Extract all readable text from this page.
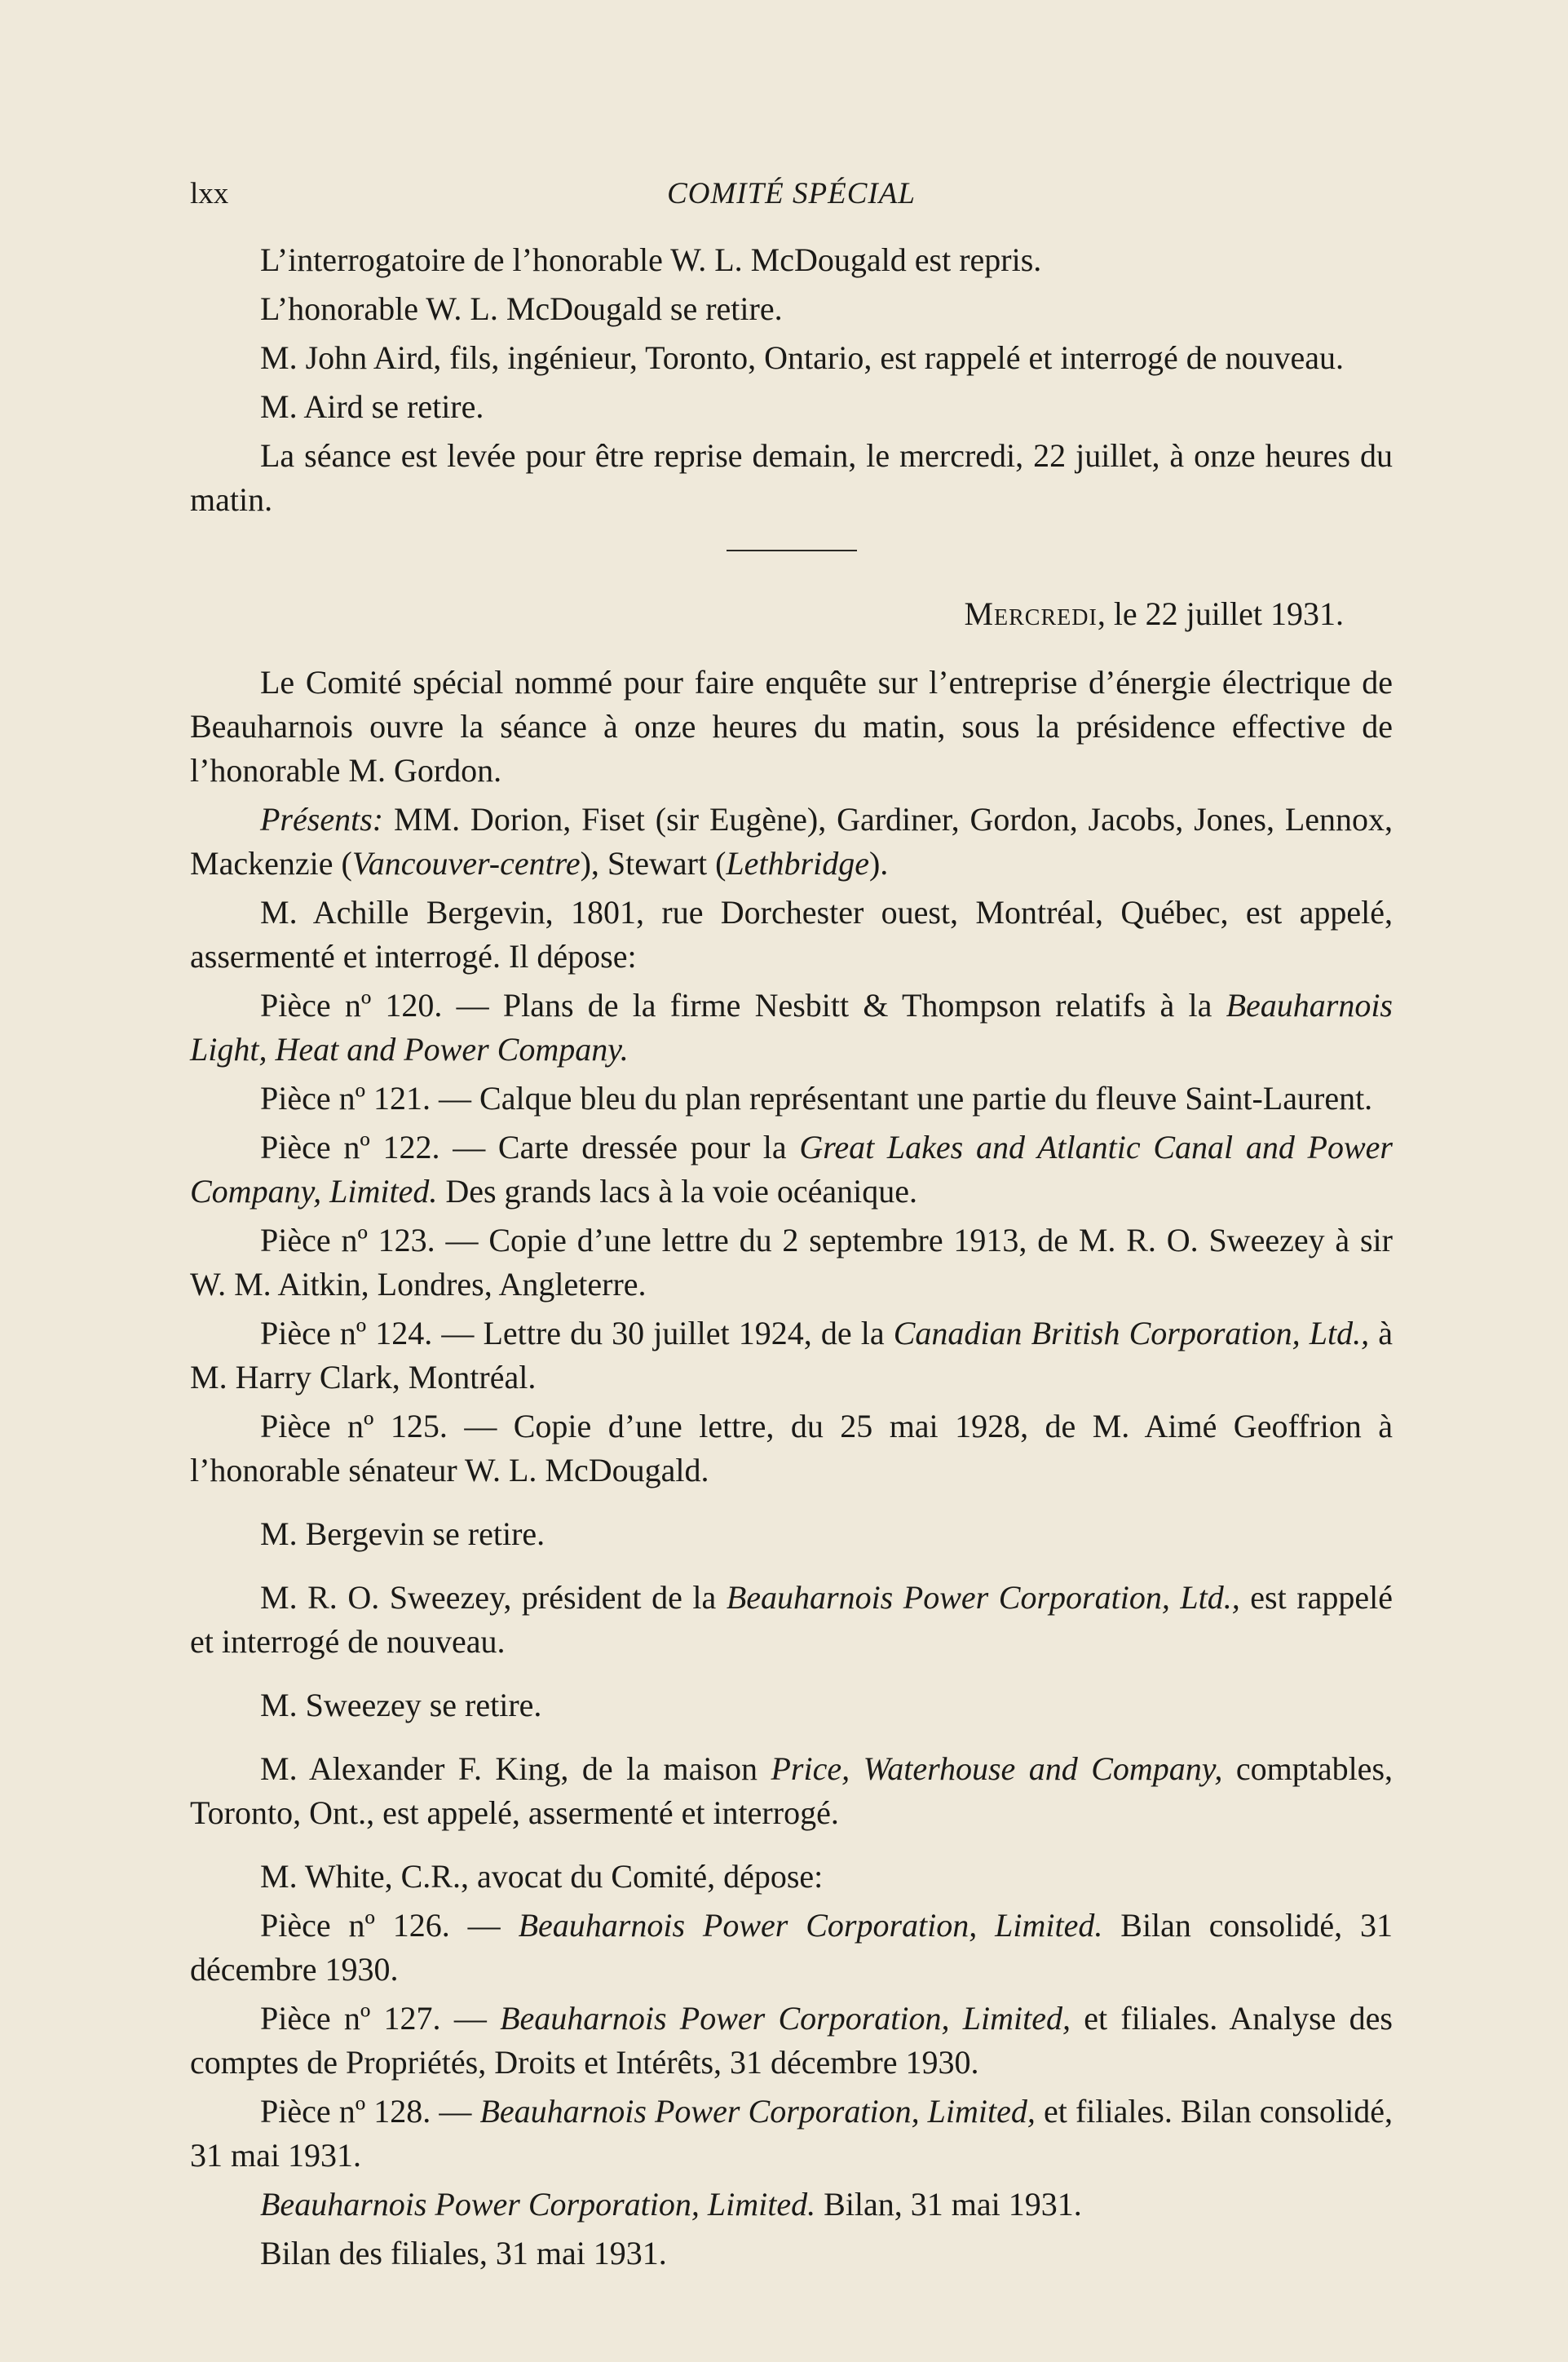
lxx	COMITÉ SPÉCIAL

L’interrogatoire de l’honorable W. L. McDougald est repris.

L’honorable W. L. McDougald se retire.

M. John Aird, fils, ingénieur, Toronto, Ontario, est rappelé et interrogé de nouveau.

M. Aird se retire.

La séance est levée pour être reprise demain, le mercredi, 22 juillet, à onze heures du matin.

Mercredi, le 22 juillet 1931.

Le Comité spécial nommé pour faire enquête sur l’entreprise d’énergie électrique de Beauharnois ouvre la séance à onze heures du matin, sous la présidence effective de l’honorable M. Gordon.

Présents: MM. Dorion, Fiset (sir Eugène), Gardiner, Gordon, Jacobs, Jones, Lennox, Mackenzie (Vancouver-centre), Stewart (Lethbridge).

M. Achille Bergevin, 1801, rue Dorchester ouest, Montréal, Québec, est appelé, assermenté et interrogé. Il dépose:

Pièce nº 120. — Plans de la firme Nesbitt & Thompson relatifs à la Beauharnois Light, Heat and Power Company.

Pièce nº 121. — Calque bleu du plan représentant une partie du fleuve Saint-Laurent.

Pièce nº 122. — Carte dressée pour la Great Lakes and Atlantic Canal and Power Company, Limited. Des grands lacs à la voie océanique.

Pièce nº 123. — Copie d’une lettre du 2 septembre 1913, de M. R. O. Sweezey à sir W. M. Aitkin, Londres, Angleterre.

Pièce nº 124. — Lettre du 30 juillet 1924, de la Canadian British Corporation, Ltd., à M. Harry Clark, Montréal.

Pièce nº 125. — Copie d’une lettre, du 25 mai 1928, de M. Aimé Geoffrion à l’honorable sénateur W. L. McDougald.

M. Bergevin se retire.

M. R. O. Sweezey, président de la Beauharnois Power Corporation, Ltd., est rappelé et interrogé de nouveau.

M. Sweezey se retire.

M. Alexander F. King, de la maison Price, Waterhouse and Company, comptables, Toronto, Ont., est appelé, assermenté et interrogé.

M. White, C.R., avocat du Comité, dépose:

Pièce nº 126. — Beauharnois Power Corporation, Limited. Bilan consolidé, 31 décembre 1930.

Pièce nº 127. — Beauharnois Power Corporation, Limited, et filiales. Analyse des comptes de Propriétés, Droits et Intérêts, 31 décembre 1930.

Pièce nº 128. — Beauharnois Power Corporation, Limited, et filiales. Bilan consolidé, 31 mai 1931.

Beauharnois Power Corporation, Limited. Bilan, 31 mai 1931.

Bilan des filiales, 31 mai 1931.
